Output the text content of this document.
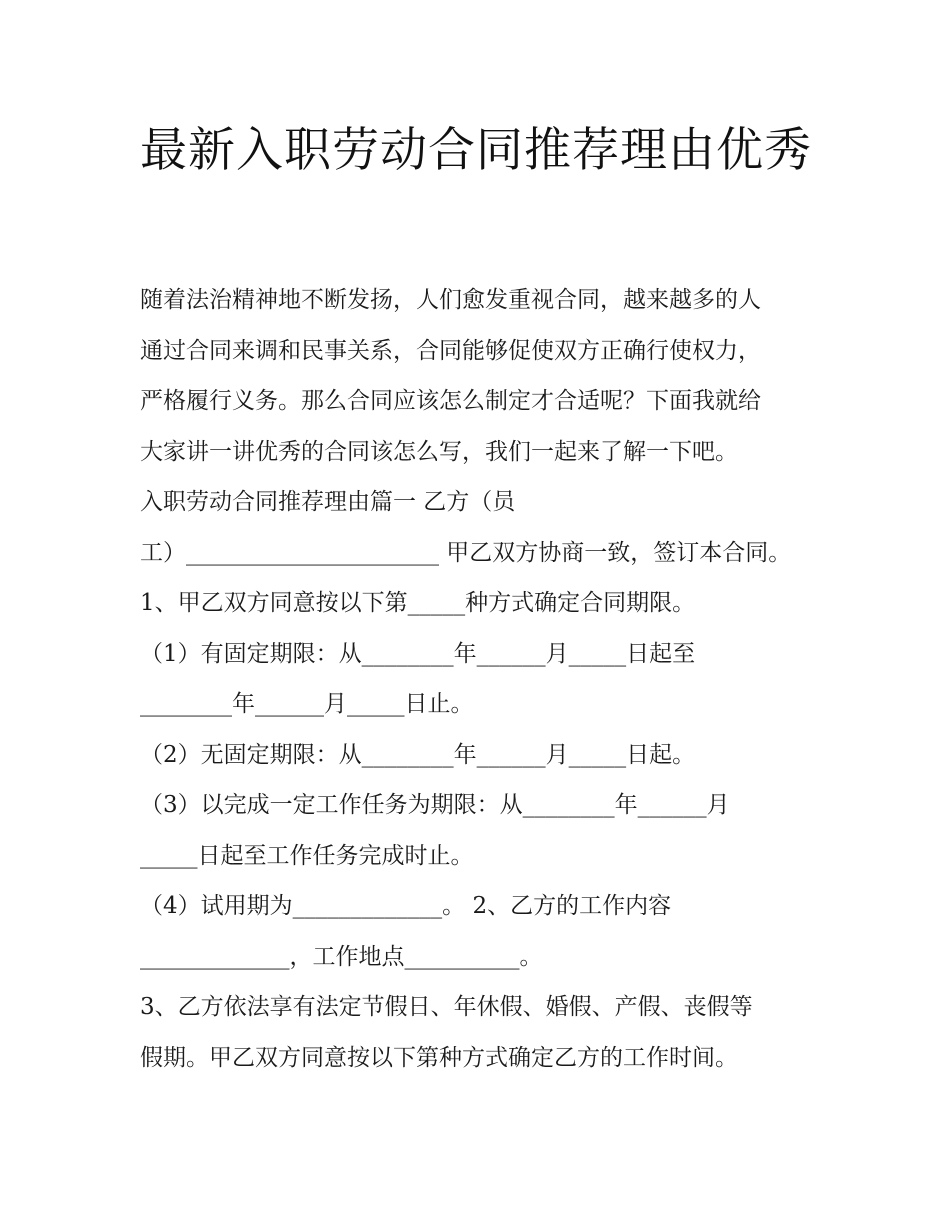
最新入职劳动合同推荐理由优秀
随着法治精神地不断发扬，人们愈发重视合同，越来越多的人
通过合同来调和民事关系，合同能够促使双方正确行使权力，
严格履行义务。那么合同应该怎么制定才合适呢？下面我就给
大家讲一讲优秀的合同该怎么写，我们一起来了解一下吧。
入职劳动合同推荐理由篇一 乙方（员
工）______________________ 甲乙双方协商一致，签订本合同。
1、甲乙双方同意按以下第_____种方式确定合同期限。
（1）有固定期限：从________年______月_____日起至
________年______月_____日止。
（2）无固定期限：从________年______月_____日起。
（3）以完成一定工作任务为期限：从________年______月
_____日起至工作任务完成时止。
（4）试用期为_____________。 2、乙方的工作内容
_____________，工作地点__________。
3、乙方依法享有法定节假日、年休假、婚假、产假、丧假等
假期。甲乙双方同意按以下第种方式确定乙方的工作时间。
